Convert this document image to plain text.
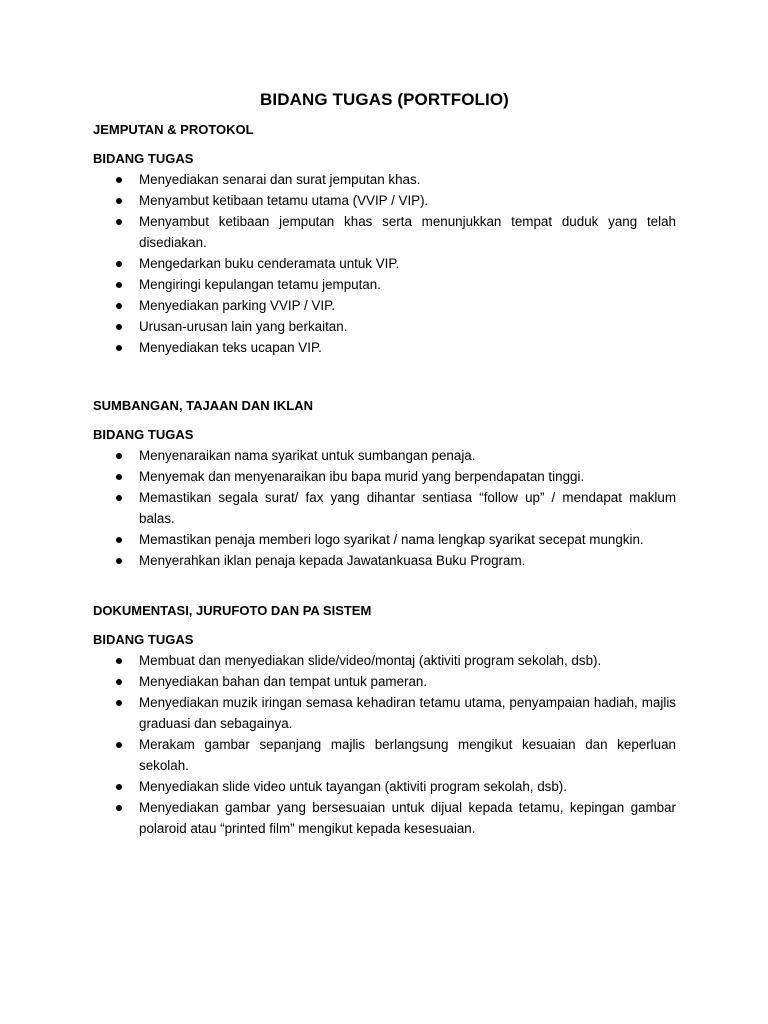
BIDANG TUGAS (PORTFOLIO)
JEMPUTAN & PROTOKOL
BIDANG TUGAS
Menyediakan senarai dan surat jemputan khas.
Menyambut ketibaan tetamu utama (VVIP / VIP).
Menyambut ketibaan jemputan khas serta menunjukkan tempat duduk yang telah disediakan.
Mengedarkan buku cenderamata untuk VIP.
Mengiringi kepulangan tetamu jemputan.
Menyediakan parking VVIP / VIP.
Urusan-urusan lain yang berkaitan.
Menyediakan teks ucapan VIP.
SUMBANGAN, TAJAAN DAN IKLAN
BIDANG TUGAS
Menyenaraikan nama syarikat untuk sumbangan penaja.
Menyemak dan menyenaraikan ibu bapa murid yang berpendapatan tinggi.
Memastikan segala surat/ fax yang dihantar sentiasa “follow up” / mendapat maklum balas.
Memastikan penaja memberi logo syarikat / nama lengkap syarikat secepat mungkin.
Menyerahkan iklan penaja kepada Jawatankuasa Buku Program.
DOKUMENTASI, JURUFOTO DAN PA SISTEM
BIDANG TUGAS
Membuat dan menyediakan slide/video/montaj (aktiviti program sekolah, dsb).
Menyediakan bahan dan tempat untuk pameran.
Menyediakan muzik iringan semasa kehadiran tetamu utama, penyampaian hadiah, majlis graduasi dan sebagainya.
Merakam gambar sepanjang majlis berlangsung mengikut kesuaian dan keperluan sekolah.
Menyediakan slide video untuk tayangan (aktiviti program sekolah, dsb).
Menyediakan gambar yang bersesuaian untuk dijual kepada tetamu, kepingan gambar polaroid atau “printed film” mengikut kepada kesesuaian.
